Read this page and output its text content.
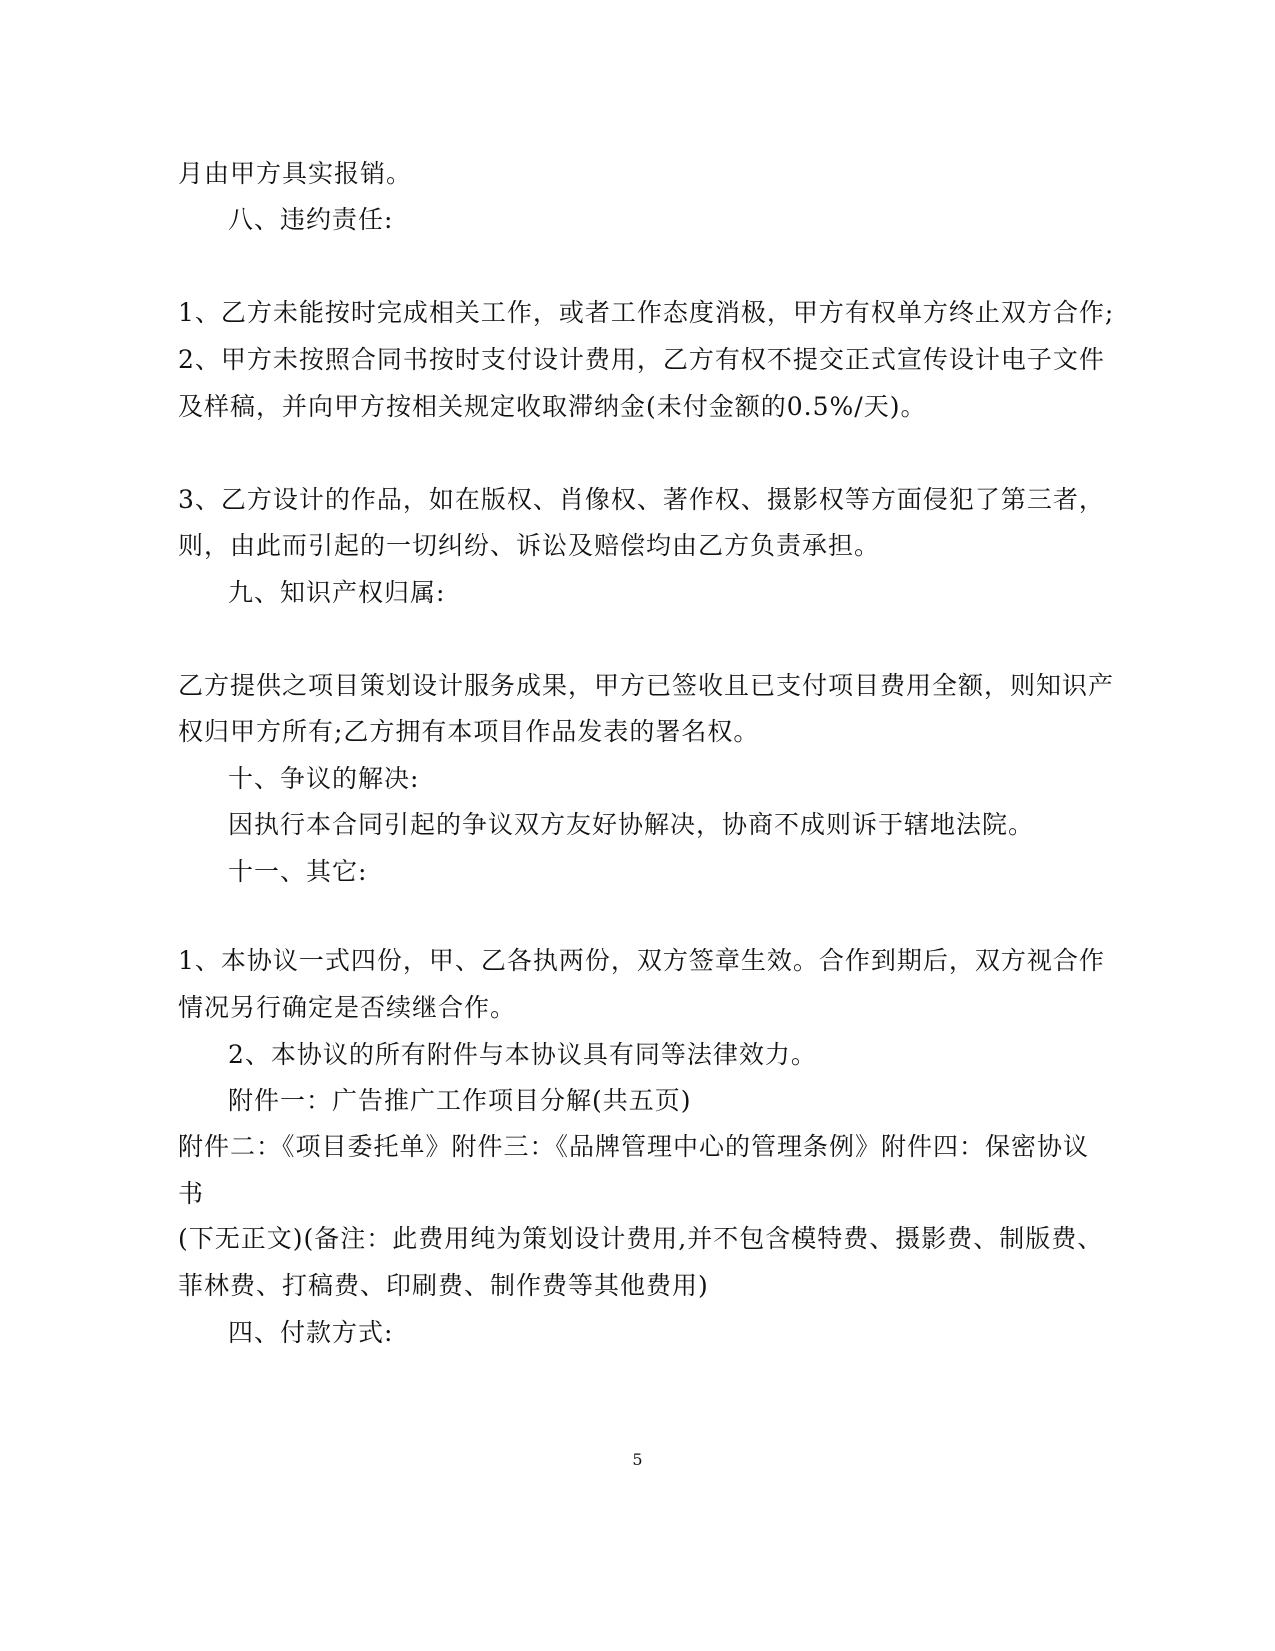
月由甲方具实报销。

八、违约责任:

1、乙方未能按时完成相关工作，或者工作态度消极，甲方有权单方终止双方合作;

2、甲方未按照合同书按时支付设计费用，乙方有权不提交正式宣传设计电子文件

及样稿，并向甲方按相关规定收取滞纳金(未付金额的0.5%/天)。

3、乙方设计的作品，如在版权、肖像权、著作权、摄影权等方面侵犯了第三者，

则，由此而引起的一切纠纷、诉讼及赔偿均由乙方负责承担。

九、知识产权归属:

乙方提供之项目策划设计服务成果，甲方已签收且已支付项目费用全额，则知识产

权归甲方所有;乙方拥有本项目作品发表的署名权。

十、争议的解决:

因执行本合同引起的争议双方友好协解决，协商不成则诉于辖地法院。

十一、其它:

1、本协议一式四份，甲、乙各执两份，双方签章生效。合作到期后，双方视合作

情况另行确定是否续继合作。

2、本协议的所有附件与本协议具有同等法律效力。

附件一：广告推广工作项目分解(共五页)

附件二：《项目委托单》附件三：《品牌管理中心的管理条例》附件四：保密协议

书

(下无正文)(备注：此费用纯为策划设计费用,并不包含模特费、摄影费、制版费、

菲林费、打稿费、印刷费、制作费等其他费用)

四、付款方式:

5
